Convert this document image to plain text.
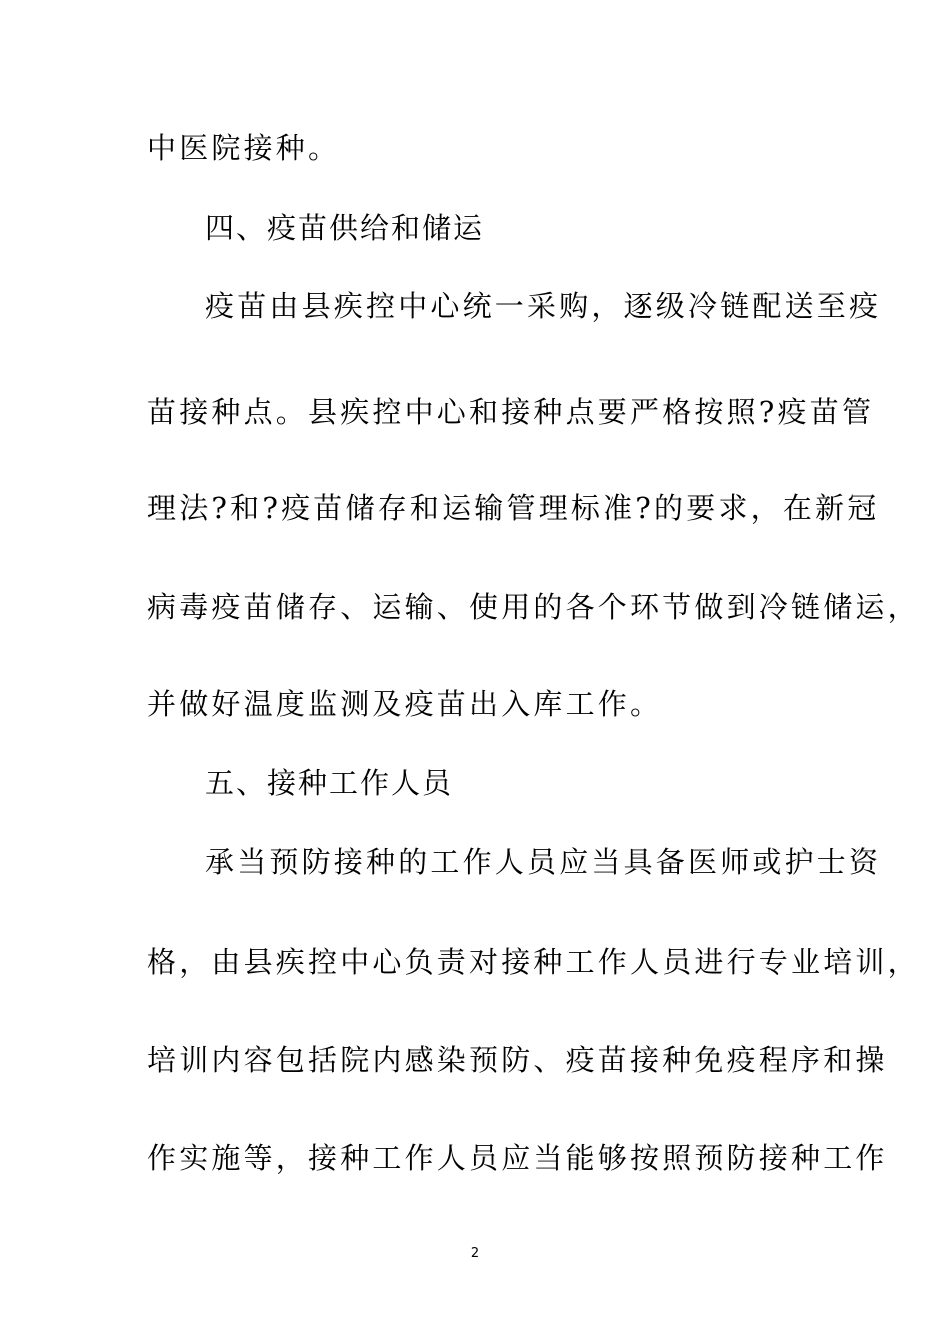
中医院接种。
四、疫苗供给和储运
疫苗由县疾控中心统一采购，逐级冷链配送至疫
苗接种点。县疾控中心和接种点要严格按照?疫苗管
理法?和?疫苗储存和运输管理标准?的要求，在新冠
病毒疫苗储存、运输、使用的各个环节做到冷链储运，
并做好温度监测及疫苗出入库工作。
五、接种工作人员
承当预防接种的工作人员应当具备医师或护士资
格，由县疾控中心负责对接种工作人员进行专业培训，
培训内容包括院内感染预防、疫苗接种免疫程序和操
作实施等，接种工作人员应当能够按照预防接种工作
2
